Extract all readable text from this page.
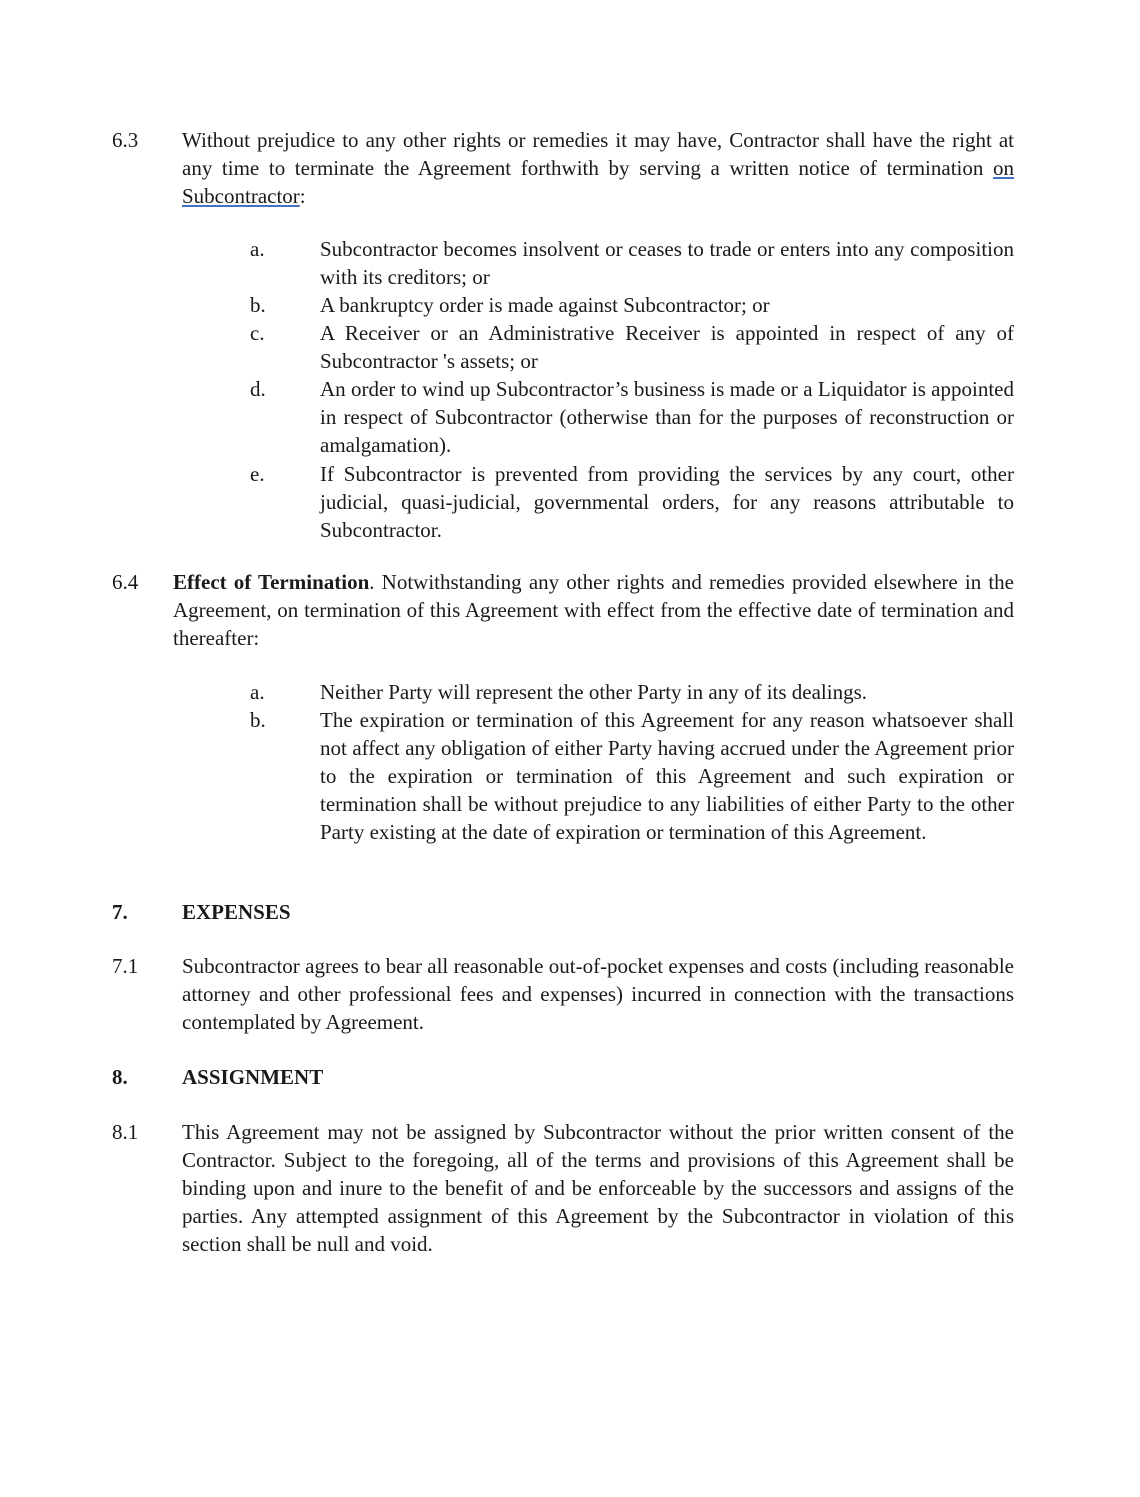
6.3 Without prejudice to any other rights or remedies it may have, Contractor shall have the right at any time to terminate the Agreement forthwith by serving a written notice of termination on Subcontractor:
a.	Subcontractor becomes insolvent or ceases to trade or enters into any composition with its creditors; or
b.	A bankruptcy order is made against Subcontractor; or
c.	A Receiver or an Administrative Receiver is appointed in respect of any of Subcontractor 's assets; or
d.	An order to wind up Subcontractor’s business is made or a Liquidator is appointed in respect of Subcontractor (otherwise than for the purposes of reconstruction or amalgamation).
e.	If Subcontractor is prevented from providing the services by any court, other judicial, quasi-judicial, governmental orders, for any reasons attributable to Subcontractor.
6.4 Effect of Termination. Notwithstanding any other rights and remedies provided elsewhere in the Agreement, on termination of this Agreement with effect from the effective date of termination and thereafter:
a.	Neither Party will represent the other Party in any of its dealings.
b.	The expiration or termination of this Agreement for any reason whatsoever shall not affect any obligation of either Party having accrued under the Agreement prior to the expiration or termination of this Agreement and such expiration or termination shall be without prejudice to any liabilities of either Party to the other Party existing at the date of expiration or termination of this Agreement.
7.	EXPENSES
7.1 Subcontractor agrees to bear all reasonable out-of-pocket expenses and costs (including reasonable attorney and other professional fees and expenses) incurred in connection with the transactions contemplated by Agreement.
8.	ASSIGNMENT
8.1 This Agreement may not be assigned by Subcontractor without the prior written consent of the Contractor. Subject to the foregoing, all of the terms and provisions of this Agreement shall be binding upon and inure to the benefit of and be enforceable by the successors and assigns of the parties. Any attempted assignment of this Agreement by the Subcontractor in violation of this section shall be null and void.
